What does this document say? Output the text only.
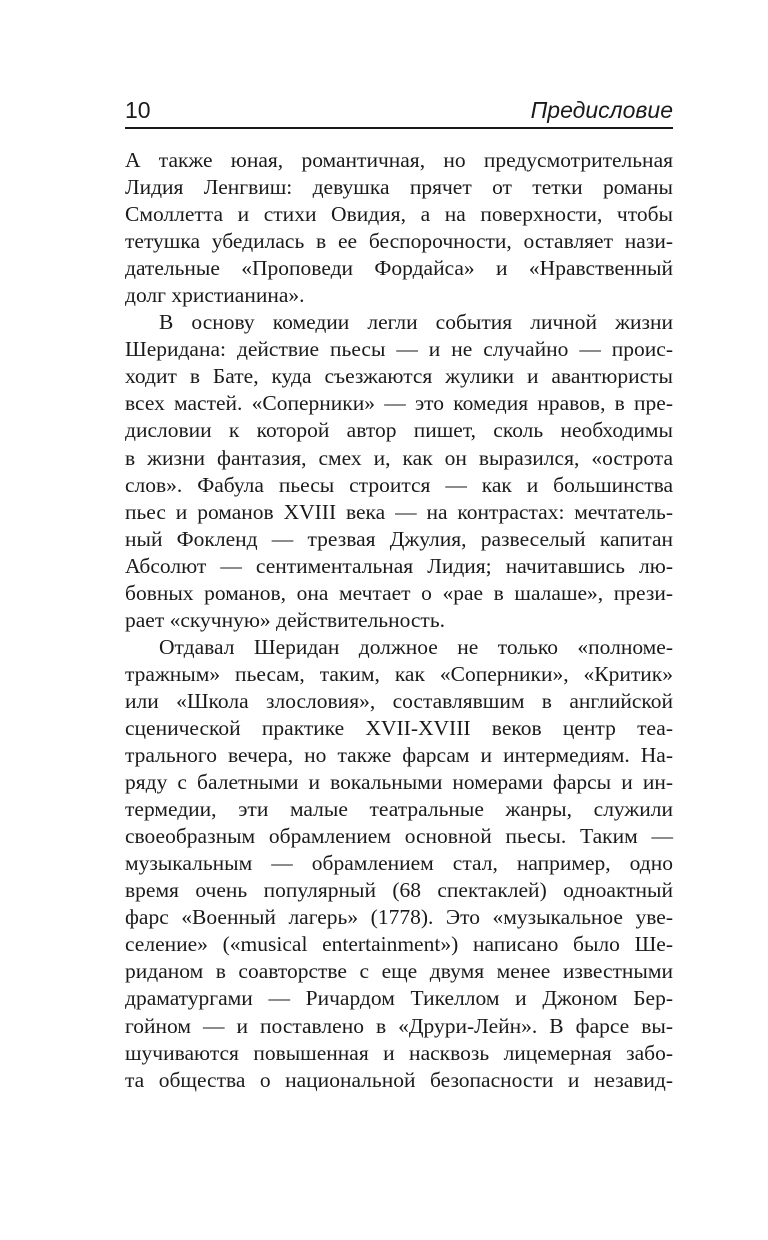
10	Предисловие
А также юная, романтичная, но предусмотрительная
Лидия Ленгвиш: девушка прячет от тетки романы
Смоллетта и стихи Овидия, а на поверхности, чтобы
тетушка убедилась в ее беспорочности, оставляет нази-
дательные «Проповеди Фордайса» и «Нравственный
долг христианина».
В основу комедии легли события личной жизни
Шеридана: действие пьесы — и не случайно — проис-
ходит в Бате, куда съезжаются жулики и авантюристы
всех мастей. «Соперники» — это комедия нравов, в пре-
дисловии к которой автор пишет, сколь необходимы
в жизни фантазия, смех и, как он выразился, «острота
слов». Фабула пьесы строится — как и большинства
пьес и романов XVIII века — на контрастах: мечтатель-
ный Фокленд — трезвая Джулия, развеселый капитан
Абсолют — сентиментальная Лидия; начитавшись лю-
бовных романов, она мечтает о «рае в шалаше», прези-
рает «скучную» действительность.
Отдавал Шеридан должное не только «полноме-
тражным» пьесам, таким, как «Соперники», «Критик»
или «Школа злословия», составлявшим в английской
сценической практике XVII-XVIII веков центр теа-
трального вечера, но также фарсам и интермедиям. На-
ряду с балетными и вокальными номерами фарсы и ин-
термедии, эти малые театральные жанры, служили
своеобразным обрамлением основной пьесы. Таким —
музыкальным — обрамлением стал, например, одно
время очень популярный (68 спектаклей) одноактный
фарс «Военный лагерь» (1778). Это «музыкальное уве-
селение» («musical entertainment») написано было Ше-
риданом в соавторстве с еще двумя менее известными
драматургами — Ричардом Тикеллом и Джоном Бер-
гойном — и поставлено в «Друри-Лейн». В фарсе вы-
шучиваются повышенная и насквозь лицемерная забо-
та общества о национальной безопасности и незавид-
